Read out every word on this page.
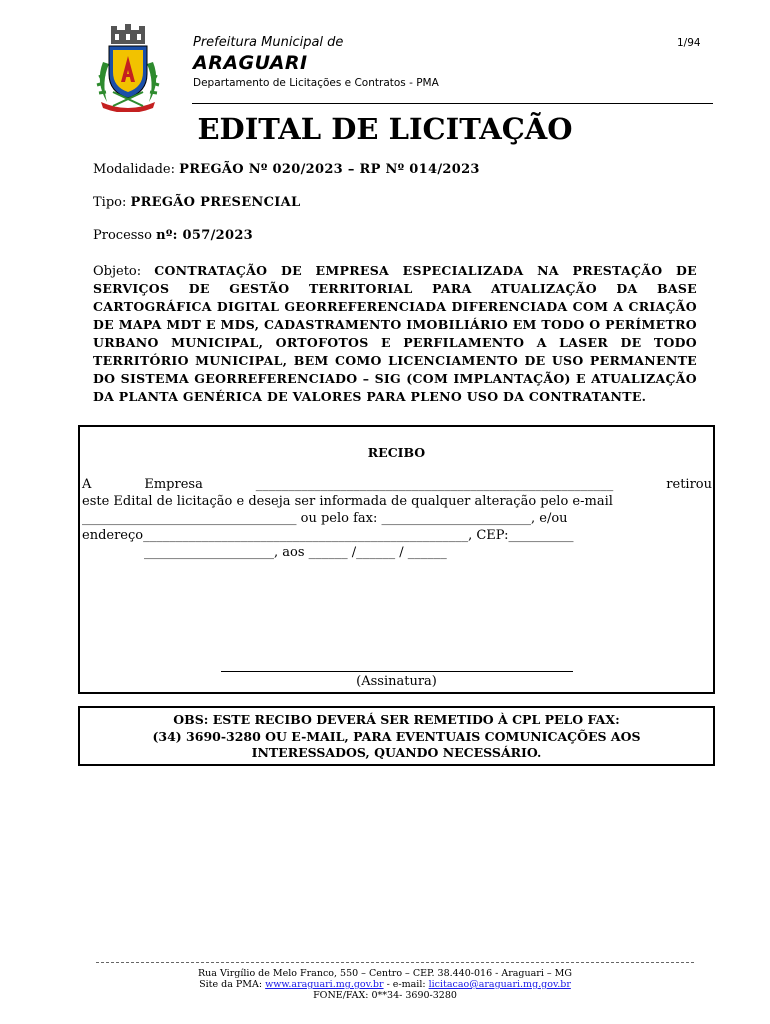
Prefeitura Municipal de
ARAGUARI
Departamento de Licitações e Contratos - PMA
1/94
EDITAL DE LICITAÇÃO
Modalidade: PREGÃO Nº 020/2023 – RP Nº 014/2023
Tipo: PREGÃO PRESENCIAL
Processo nº: 057/2023
Objeto: CONTRATAÇÃO DE EMPRESA ESPECIALIZADA NA PRESTAÇÃO DE SERVIÇOS DE GESTÃO TERRITORIAL PARA ATUALIZAÇÃO DA BASE CARTOGRÁFICA DIGITAL GEORREFERENCIADA DIFERENCIADA COM A CRIAÇÃO DE MAPA MDT E MDS, CADASTRAMENTO IMOBILIÁRIO EM TODO O PERÍMETRO URBANO MUNICIPAL, ORTOFOTOS E PERFILAMENTO A LASER DE TODO TERRITÓRIO MUNICIPAL, BEM COMO LICENCIAMENTO DE USO PERMANENTE DO SISTEMA GEORREFERENCIADO – SIG (COM IMPLANTAÇÃO) E ATUALIZAÇÃO DA PLANTA GENÉRICA DE VALORES PARA PLENO USO DA CONTRATANTE.
RECIBO
A Empresa _______________________________________________________ retirou
este Edital de licitação e deseja ser informada de qualquer alteração pelo e-mail
_________________________________ ou pelo fax: _______________________, e/ou
endereço__________________________________________________, CEP:__________
____________________, aos ______ /______ / ______
(Assinatura)
OBS: ESTE RECIBO DEVERÁ SER REMETIDO À CPL PELO FAX:
(34) 3690-3280 OU E-MAIL, PARA EVENTUAIS COMUNICAÇÕES AOS
INTERESSADOS, QUANDO NECESSÁRIO.
Rua Virgílio de Melo Franco, 550 – Centro – CEP. 38.440-016 - Araguari – MG
Site da PMA: www.araguari.mg.gov.br - e-mail: licitacao@araguari.mg.gov.br
FONE/FAX: 0**34- 3690-3280
